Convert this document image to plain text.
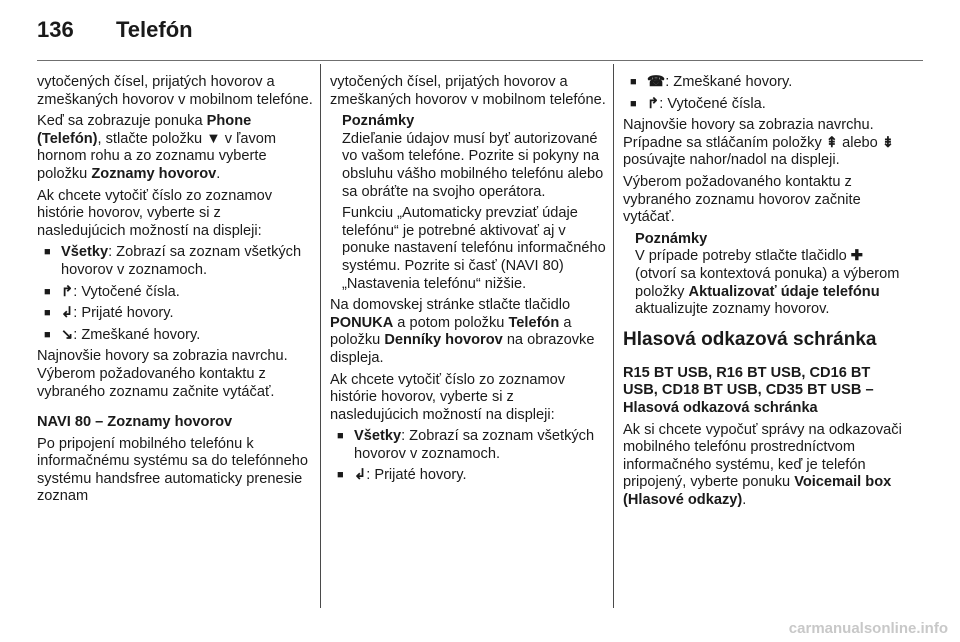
136 Telefón

vytočených čísel, prijatých hovorov a zmeškaných hovorov v mobilnom telefóne.

Keď sa zobrazuje ponuka Phone (Telefón), stlačte položku ▼ v ľavom hornom rohu a zo zoznamu vyberte položku Zoznamy hovorov.

Ak chcete vytočiť číslo zo zoznamov histórie hovorov, vyberte si z nasledujúcich možností na displeji:

■ Všetky: Zobrazí sa zoznam všetkých hovorov v zoznamoch.
■ ↱: Vytočené čísla.
■ ↲: Prijaté hovory.
■ ↘: Zmeškané hovory.

Najnovšie hovory sa zobrazia navrchu. Výberom požadovaného kontaktu z vybraného zoznamu začnite vytáčať.

NAVI 80 – Zoznamy hovorov

Po pripojení mobilného telefónu k informačnému systému sa do telefónneho systému handsfree automaticky prenesie zoznam

vytočených čísel, prijatých hovorov a zmeškaných hovorov v mobilnom telefóne.

Poznámky

Zdieľanie údajov musí byť autorizované vo vašom telefóne. Pozrite si pokyny na obsluhu vášho mobilného telefónu alebo sa obráťte na svojho operátora.

Funkciu „Automaticky prevziať údaje telefónu“ je potrebné aktivovať aj v ponuke nastavení telefónu informačného systému. Pozrite si časť (NAVI 80) „Nastavenia telefónu“ nižšie.

Na domovskej stránke stlačte tlačidlo PONUKA a potom položku Telefón a položku Denníky hovorov na obrazovke displeja.

Ak chcete vytočiť číslo zo zoznamov histórie hovorov, vyberte si z nasledujúcich možností na displeji:

■ Všetky: Zobrazí sa zoznam všetkých hovorov v zoznamoch.
■ ↲: Prijaté hovory.
■ ☎: Zmeškané hovory.
■ ↱: Vytočené čísla.

Najnovšie hovory sa zobrazia navrchu. Prípadne sa stláčaním položky ⇞ alebo ⇟ posúvajte nahor/nadol na displeji.

Výberom požadovaného kontaktu z vybraného zoznamu hovorov začnite vytáčať.

Poznámky

V prípade potreby stlačte tlačidlo ✚ (otvorí sa kontextová ponuka) a výberom položky Aktualizovať údaje telefónu aktualizujte zoznamy hovorov.

Hlasová odkazová schránka

R15 BT USB, R16 BT USB, CD16 BT USB, CD18 BT USB, CD35 BT USB – Hlasová odkazová schránka

Ak si chcete vypočuť správy na odkazovači mobilného telefónu prostredníctvom informačného systému, keď je telefón pripojený, vyberte ponuku Voicemail box (Hlasové odkazy).

carmanualsonline.info
